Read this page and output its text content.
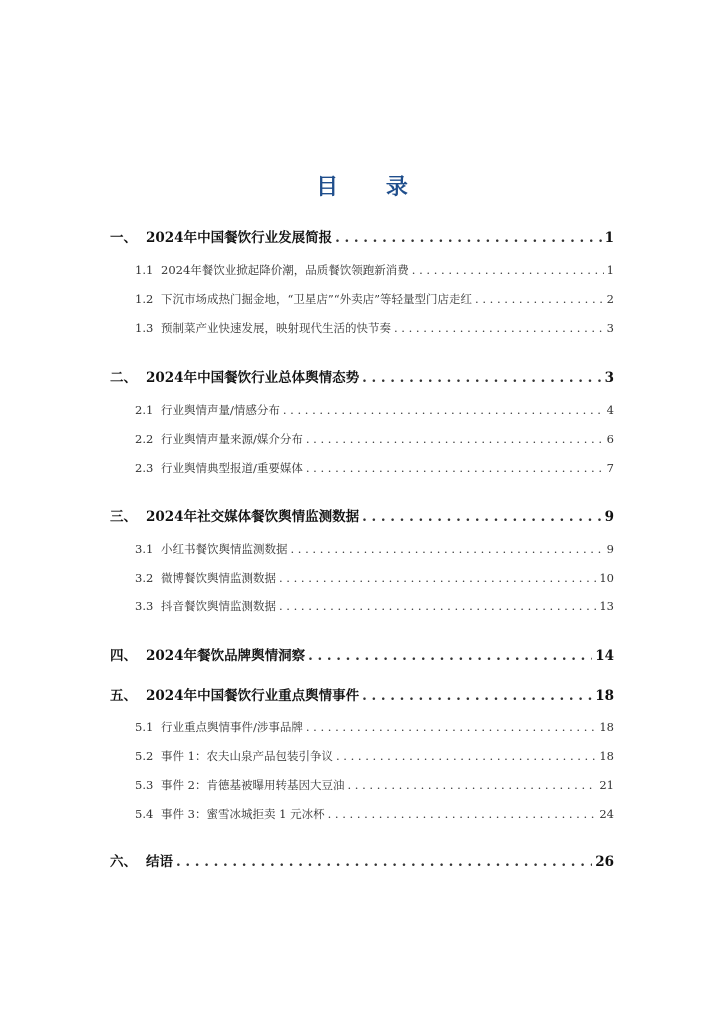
目 录
一、 2024年中国餐饮行业发展简报 . . .	1
1.1 2024年餐饮业掀起降价潮，品质餐饮领跑新消费 . . .	1
1.2 下沉市场成热门掘金地，“卫星店”“外卖店”等轻量型门店走红 . . .	2
1.3 预制菜产业快速发展，映射现代生活的快节奏 . . .	3
二、 2024年中国餐饮行业总体舆情态势 . . .	3
2.1 行业舆情声量/情感分布 . . .	4
2.2 行业舆情声量来源/媒介分布 . . .	6
2.3 行业舆情典型报道/重要媒体 . . .	7
三、 2024年社交媒体餐饮舆情监测数据 . . .	9
3.1 小红书餐饮舆情监测数据 . . .	9
3.2 微博餐饮舆情监测数据 . . .	10
3.3 抖音餐饮舆情监测数据 . . .	13
四、 2024年餐饮品牌舆情洞察 . . .	14
五、 2024年中国餐饮行业重点舆情事件 . . .	18
5.1 行业重点舆情事件/涉事品牌 . . .	18
5.2 事件 1：农夫山泉产品包装引争议 . . .	18
5.3 事件 2：肯德基被曝用转基因大豆油 . . .	21
5.4 事件 3：蜜雪冰城拒卖 1 元冰杯 . . .	24
六、 结语 . . .	26
